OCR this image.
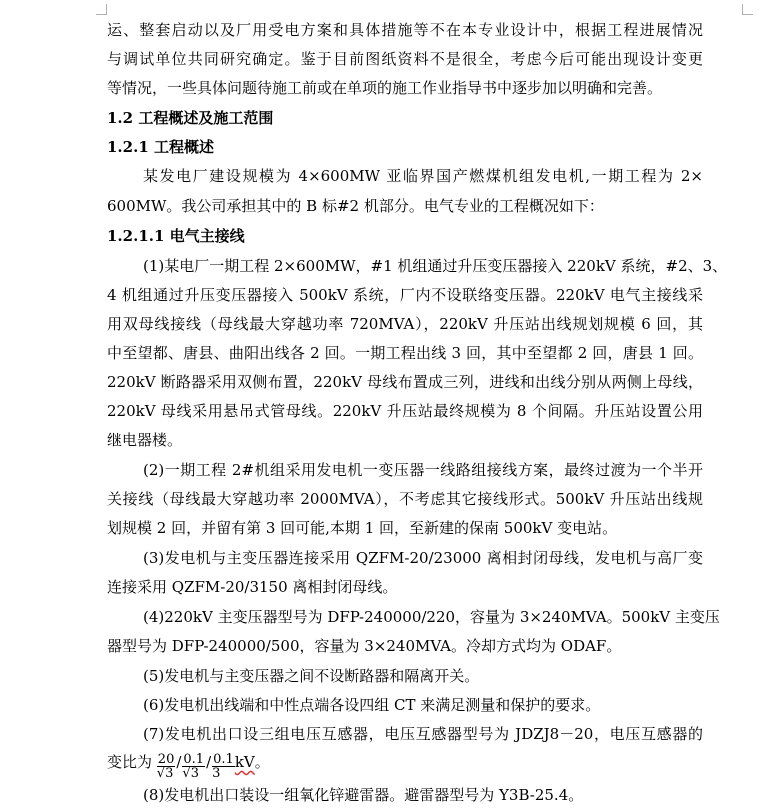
运、整套启动以及厂用受电方案和具体措施等不在本专业设计中，根据工程进展情况
与调试单位共同研究确定。鉴于目前图纸资料不是很全，考虑今后可能出现设计变更
等情况，一些具体问题待施工前或在单项的施工作业指导书中逐步加以明确和完善。
1.2 工程概述及施工范围
1.2.1 工程概述
某发电厂建设规模为 4×600MW 亚临界国产燃煤机组发电机,一期工程为 2×
600MW。我公司承担其中的 B 标#2 机部分。电气专业的工程概况如下：
1.2.1.1 电气主接线
(1)某电厂一期工程 2×600MW，#1 机组通过升压变压器接入 220kV 系统，#2、3、
4 机组通过升压变压器接入 500kV 系统，厂内不设联络变压器。220kV 电气主接线采
用双母线接线（母线最大穿越功率 720MVA），220kV 升压站出线规划规模 6 回，其
中至望都、唐县、曲阳出线各 2 回。一期工程出线 3 回，其中至望都 2 回，唐县 1 回。
220kV 断路器采用双侧布置，220kV 母线布置成三列，进线和出线分别从两侧上母线，
220kV 母线采用悬吊式管母线。220kV 升压站最终规模为 8 个间隔。升压站设置公用
继电器楼。
(2)一期工程 2#机组采用发电机一变压器一线路组接线方案，最终过渡为一个半开
关接线（母线最大穿越功率 2000MVA），不考虑其它接线形式。500kV 升压站出线规
划规模 2 回，并留有第 3 回可能,本期 1 回，至新建的保南 500kV 变电站。
(3)发电机与主变压器连接采用 QZFM-20/23000 离相封闭母线，发电机与高厂变
连接采用 QZFM-20/3150 离相封闭母线。
(4)220kV 主变压器型号为 DFP-240000/220，容量为 3×240MVA。500kV 主变压
器型号为 DFP-240000/500，容量为 3×240MVA。冷却方式均为 ODAF。
(5)发电机与主变压器之间不设断路器和隔离开关。
(6)发电机出线端和中性点端各设四组 CT 来满足测量和保护的要求。
(7)发电机出口设三组电压互感器，电压互感器型号为 JDZJ8－20，电压互感器的
变比为 $\frac{20}{√3} / \frac{0.1}{√3} / \frac{0.1}{3}$ kV。
(8)发电机出口装设一组氧化锌避雷器。避雷器型号为 Y3B-25.4。
